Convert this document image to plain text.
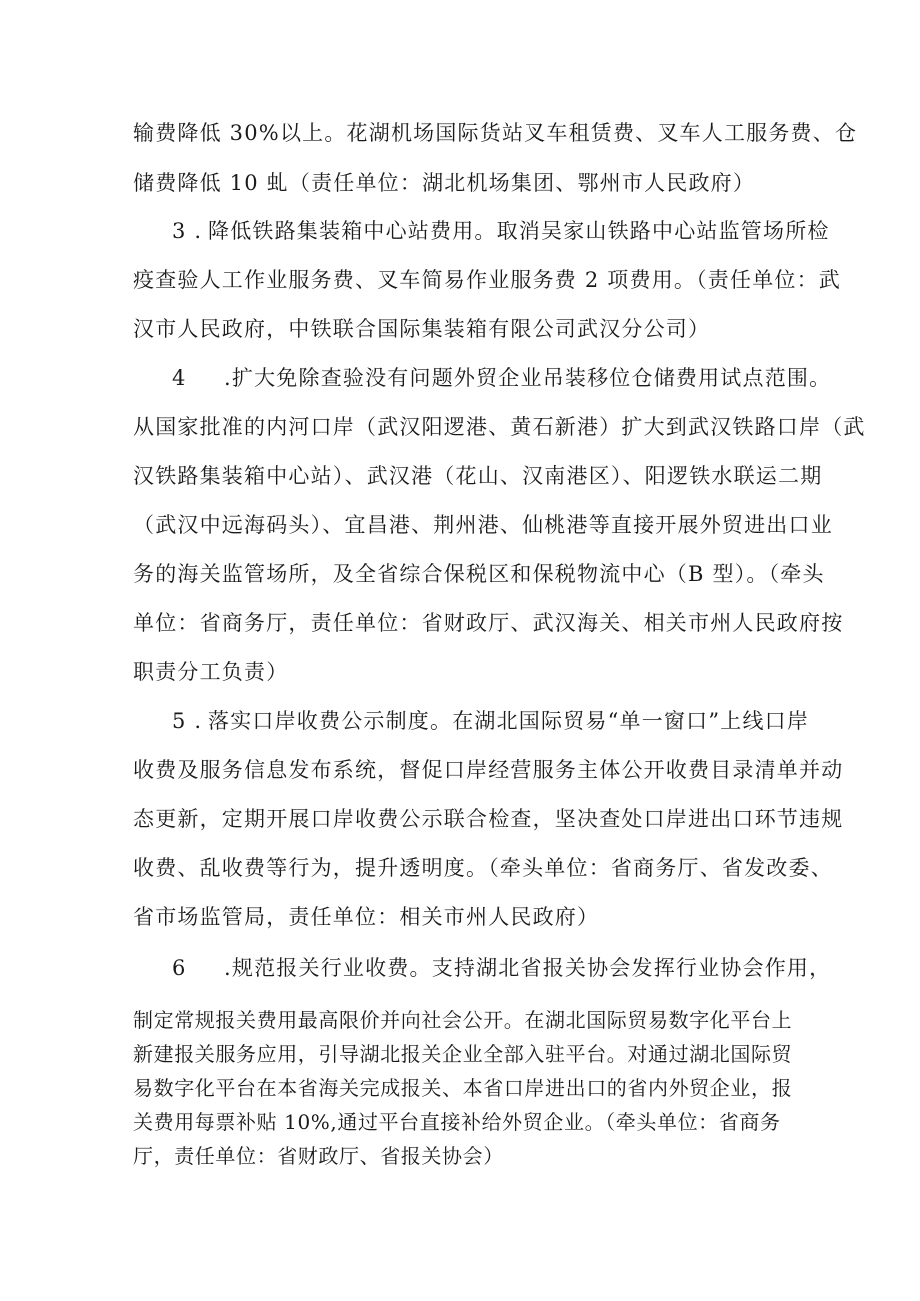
输费降低 30%以上。花湖机场国际货站叉车租赁费、叉车人工服务费、仓
储费降低 10 虬（责任单位：湖北机场集团、鄂州市人民政府）
3 . 降低铁路集装箱中心站费用。取消吴家山铁路中心站监管场所检
疫查验人工作业服务费、叉车简易作业服务费 2 项费用。（责任单位：武
汉市人民政府，中铁联合国际集装箱有限公司武汉分公司）
4 .扩大免除查验没有问题外贸企业吊装移位仓储费用试点范围。
从国家批准的内河口岸（武汉阳逻港、黄石新港）扩大到武汉铁路口岸（武
汉铁路集装箱中心站）、武汉港（花山、汉南港区）、阳逻铁水联运二期
（武汉中远海码头）、宜昌港、荆州港、仙桃港等直接开展外贸进出口业
务的海关监管场所，及全省综合保税区和保税物流中心（B 型）。（牵头
单位：省商务厅，责任单位：省财政厅、武汉海关、相关市州人民政府按
职责分工负责）
5 . 落实口岸收费公示制度。在湖北国际贸易“单一窗口”上线口岸
收费及服务信息发布系统，督促口岸经营服务主体公开收费目录清单并动
态更新，定期开展口岸收费公示联合检查，坚决查处口岸进出口环节违规
收费、乱收费等行为，提升透明度。（牵头单位：省商务厅、省发改委、
省市场监管局，责任单位：相关市州人民政府）
6 .规范报关行业收费。支持湖北省报关协会发挥行业协会作用，
制定常规报关费用最高限价并向社会公开。在湖北国际贸易数字化平台上
新建报关服务应用，引导湖北报关企业全部入驻平台。对通过湖北国际贸
易数字化平台在本省海关完成报关、本省口岸进出口的省内外贸企业，报
关费用每票补贴 10%,通过平台直接补给外贸企业。（牵头单位：省商务
厅，责任单位：省财政厅、省报关协会）
